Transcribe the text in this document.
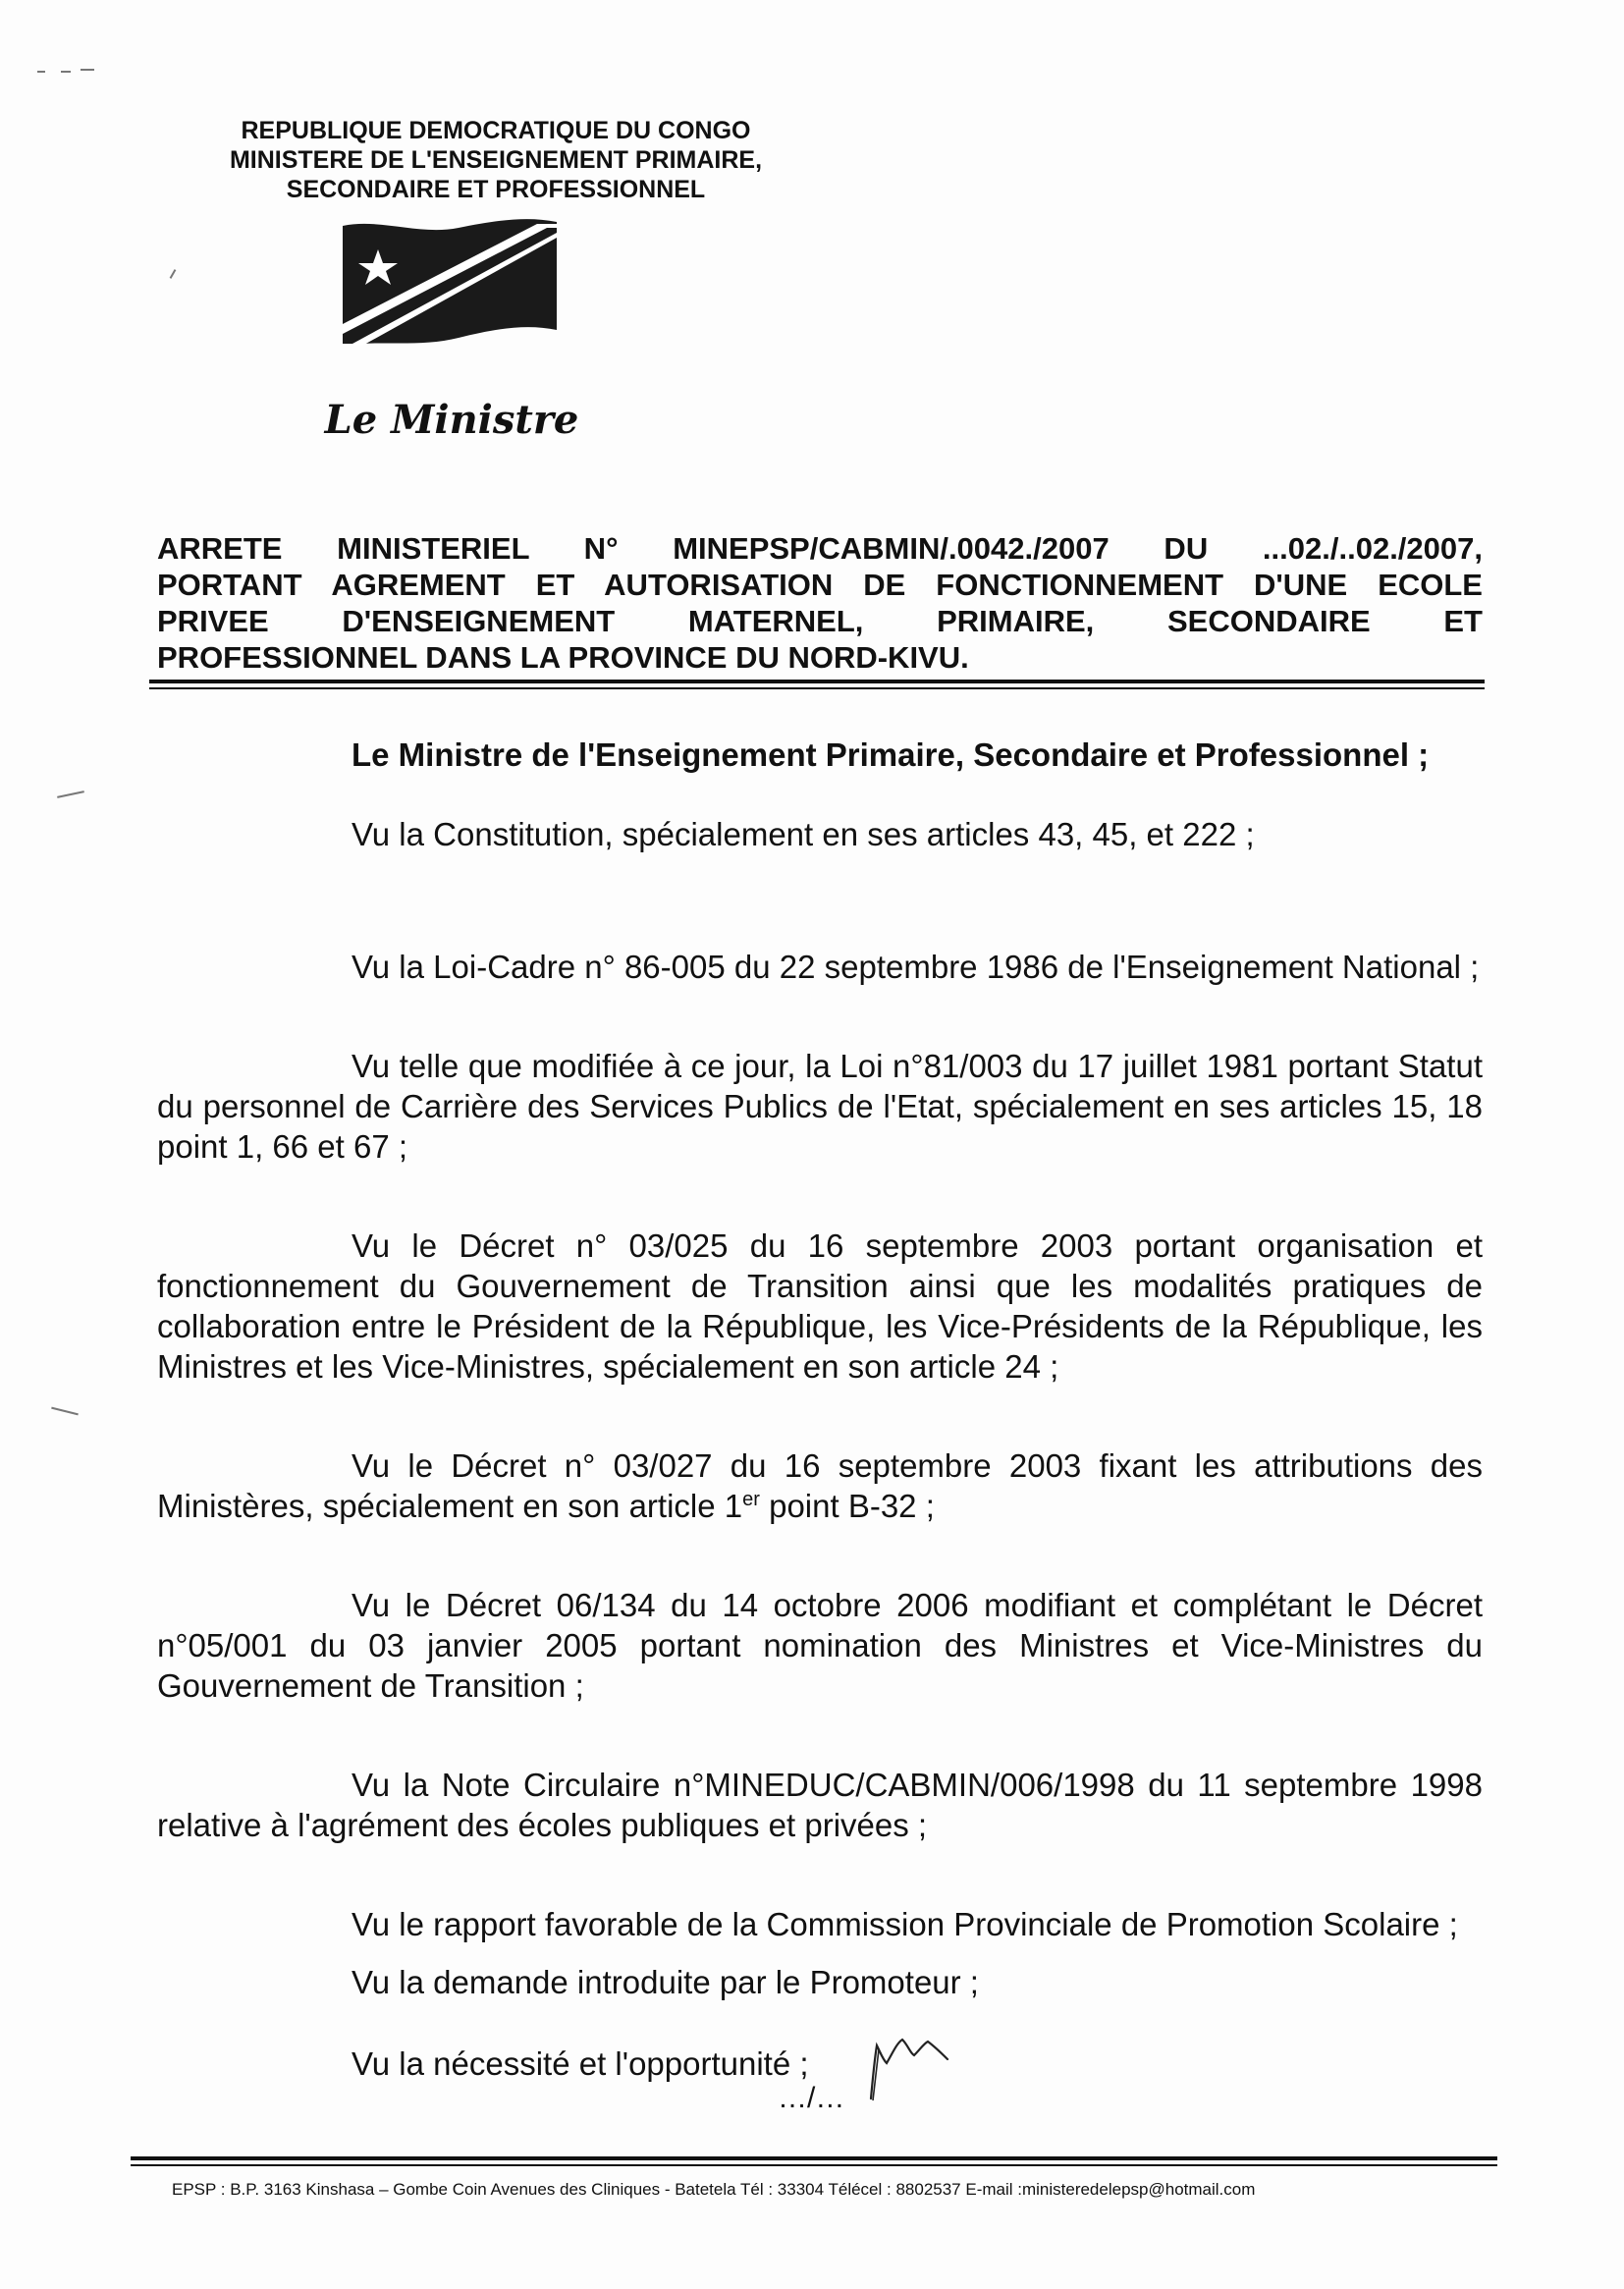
REPUBLIQUE DEMOCRATIQUE DU CONGO
MINISTERE DE L'ENSEIGNEMENT PRIMAIRE,
SECONDAIRE ET PROFESSIONNEL
Le Ministre
ARRETE MINISTERIEL N° MINEPSP/CABMIN/.0042./2007 DU ...02./..02./2007,
PORTANT AGREMENT ET AUTORISATION DE FONCTIONNEMENT D'UNE ECOLE
PRIVEE D'ENSEIGNEMENT MATERNEL, PRIMAIRE, SECONDAIRE ET
PROFESSIONNEL DANS LA PROVINCE DU NORD-KIVU.

Le Ministre de l'Enseignement Primaire, Secondaire et Professionnel ;

Vu la Constitution, spécialement en ses articles 43, 45, et 222 ;

Vu la Loi-Cadre n° 86-005 du 22 septembre 1986 de l'Enseignement National ;

Vu telle que modifiée à ce jour, la Loi n°81/003 du 17 juillet 1981 portant Statut du personnel de Carrière des Services Publics de l'Etat, spécialement en ses articles 15, 18 point 1, 66 et 67 ;

Vu le Décret n° 03/025 du 16 septembre 2003 portant organisation et fonctionnement du Gouvernement de Transition ainsi que les modalités pratiques de collaboration entre le Président de la République, les Vice-Présidents de la République, les Ministres et les Vice-Ministres, spécialement en son article 24 ;

Vu le Décret n° 03/027 du 16 septembre 2003 fixant les attributions des Ministères, spécialement en son article 1er point B-32 ;

Vu le Décret 06/134 du 14 octobre 2006 modifiant et complétant le Décret n°05/001 du 03 janvier 2005 portant nomination des Ministres et Vice-Ministres du Gouvernement de Transition ;

Vu la Note Circulaire n°MINEDUC/CABMIN/006/1998 du 11 septembre 1998 relative à l'agrément des écoles publiques et privées ;

Vu le rapport favorable de la Commission Provinciale de Promotion Scolaire ;

Vu la demande introduite par le Promoteur ;

Vu la nécessité et l'opportunité ;

…/…
EPSP : B.P. 3163 Kinshasa – Gombe Coin Avenues des Cliniques - Batetela Tél : 33304 Télécel : 8802537 E-mail :ministeredelepsp@hotmail.com
